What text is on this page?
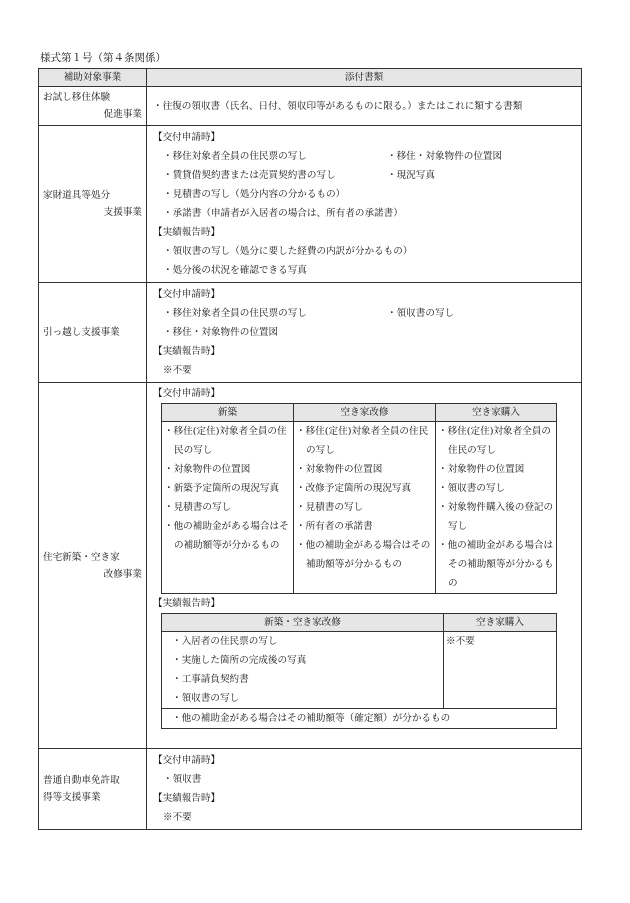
様式第１号（第４条関係）
補助対象事業	添付書類

お試し移住体験
促進事業
	・往復の領収書（氏名、日付、領収印等があるものに限る。）またはこれに類する書類

家財道具等処分
支援事業

【交付申請時】
・移住対象者全員の住民票の写し	・移住・対象物件の位置図
・賃貸借契約書または売買契約書の写し	・現況写真
・見積書の写し（処分内容の分かるもの）
・承諾書（申請者が入居者の場合は、所有者の承諾書）
【実績報告時】
・領収書の写し（処分に要した経費の内訳が分かるもの）
・処分後の状況を確認できる写真

引っ越し支援事業

【交付申請時】
・移住対象者全員の住民票の写し	・領収書の写し
・移住・対象物件の位置図
【実績報告時】
※不要

住宅新築・空き家
改修事業

【交付申請時】
新築	空き家改修	空き家購入

・移住(定住)対象者全員の住民の写し
・対象物件の位置図
・新築予定箇所の現況写真
・見積書の写し
・他の補助金がある場合はその補助額等が分かるもの

・移住(定住)対象者全員の住民の写し
・対象物件の位置図
・改修予定箇所の現況写真
・見積書の写し
・所有者の承諾書
・他の補助金がある場合はその補助額等が分かるもの

・移住(定住)対象者全員の住民の写し
・対象物件の位置図
・領収書の写し
・対象物件購入後の登記の写し
・他の補助金がある場合はその補助額等が分かるもの
【実績報告時】
新築・空き家改修	空き家購入

・入居者の住民票の写し
・実施した箇所の完成後の写真
・工事請負契約書
・領収書の写し
	※不要

・他の補助金がある場合はその補助額等（確定額）が分かるもの

普通自動車免許取
得等支援事業

【交付申請時】
・領収書
【実績報告時】
※不要
